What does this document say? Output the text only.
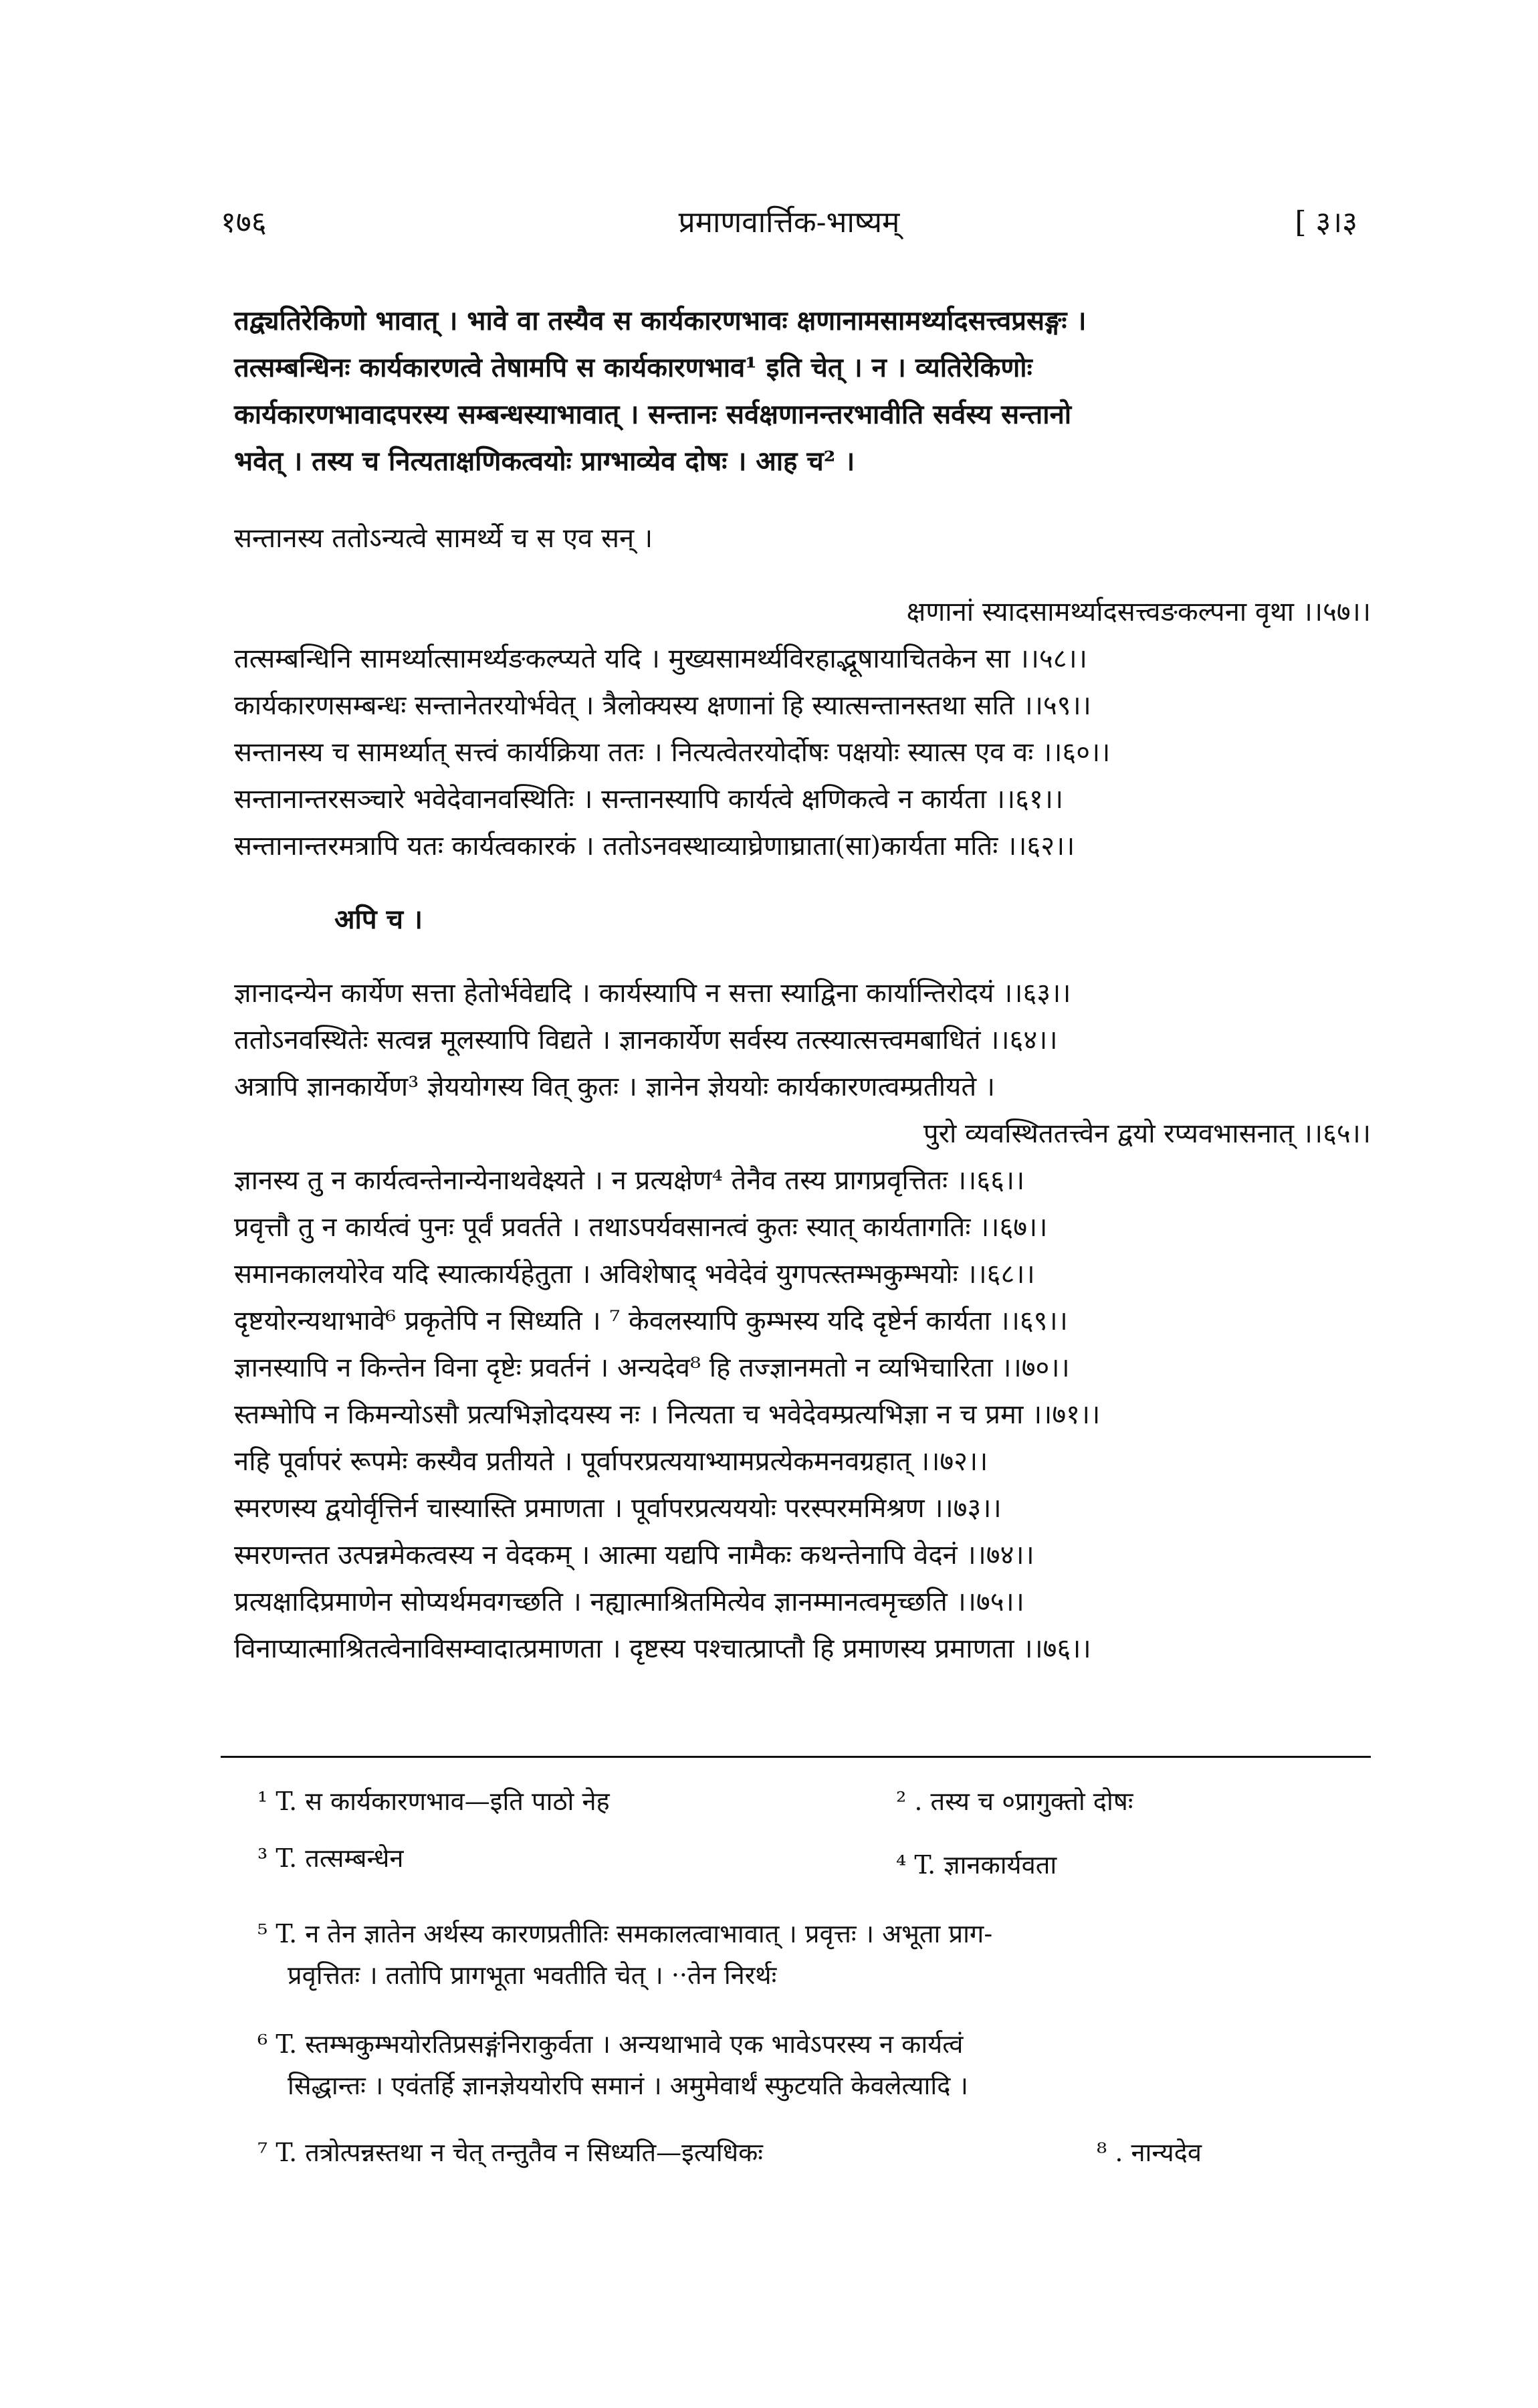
१७६	प्रमाणवार्त्तिक-भाष्यम्	[ ३।३

तद्व्यतिरेकिणो भावात् । भावे वा तस्यैव स कार्यकारणभावः क्षणानामसामर्थ्यादसत्त्वप्रसङ्गः ।

तत्सम्बन्धिनः कार्यकारणत्वे तेषामपि स कार्यकारणभाव¹ इति चेत् । न । व्यतिरेकिणोः

कार्यकारणभावादपरस्य सम्बन्धस्याभावात् । सन्तानः सर्वक्षणानन्तरभावीति सर्वस्य सन्तानो

भवेत् । तस्य च नित्यताक्षणिकत्वयोः प्राग्भाव्येव दोषः । आह च² ।

सन्तानस्य ततोऽन्यत्वे सामर्थ्ये च स एव सन् ।
क्षणानां स्यादसामर्थ्यादसत्त्वङकल्पना वृथा ।।५७।।
तत्सम्बन्धिनि सामर्थ्यात्सामर्थ्यङकल्प्यते यदि । मुख्यसामर्थ्यविरहाद्भूषायाचितकेन सा ।।५८।।
कार्यकारणसम्बन्धः सन्तानेतरयोर्भवेत् । त्रैलोक्यस्य क्षणानां हि स्यात्सन्तानस्तथा सति ।।५९।।
सन्तानस्य च सामर्थ्यात् सत्त्वं कार्यक्रिया ततः । नित्यत्वेतरयोर्दोषः पक्षयोः स्यात्स एव वः ।।६०।।
सन्तानान्तरसञ्चारे भवेदेवानवस्थितिः । सन्तानस्यापि कार्यत्वे क्षणिकत्वे न कार्यता ।।६१।।
सन्तानान्तरमत्रापि यतः कार्यत्वकारकं । ततोऽनवस्थाव्याघ्रेणाघ्राता(सा)कार्यता मतिः ।।६२।।
अपि च ।
ज्ञानादन्येन कार्येण सत्ता हेतोर्भवेद्यदि । कार्यस्यापि न सत्ता स्याद्विना कार्यान्तिरोदयं ।।६३।।
ततोऽनवस्थितेः सत्वन्न मूलस्यापि विद्यते । ज्ञानकार्येण सर्वस्य तत्स्यात्सत्त्वमबाधितं ।।६४।।
अत्रापि ज्ञानकार्येण³ ज्ञेययोगस्य वित् कुतः । ज्ञानेन ज्ञेययोः कार्यकारणत्वम्प्रतीयते ।
पुरो व्यवस्थिततत्त्वेन द्वयो रप्यवभासनात् ।।६५।।
ज्ञानस्य तु न कार्यत्वन्तेनान्येनाथवेक्ष्यते । न प्रत्यक्षेण⁴ तेनैव तस्य प्रागप्रवृत्तितः ।।६६।।
प्रवृत्तौ तु न कार्यत्वं पुनः पूर्वं प्रवर्तते । तथाऽपर्यवसानत्वं कुतः स्यात् कार्यतागतिः ।।६७।।
समानकालयोरेव यदि स्यात्कार्यहेतुता । अविशेषाद् भवेदेवं युगपत्स्तम्भकुम्भयोः ।।६८।।
दृष्टयोरन्यथाभावे⁶ प्रकृतेपि न सिध्यति । ⁷ केवलस्यापि कुम्भस्य यदि दृष्टेर्न कार्यता ।।६९।।
ज्ञानस्यापि न किन्तेन विना दृष्टेः प्रवर्तनं । अन्यदेव⁸ हि तज्ज्ञानमतो न व्यभिचारिता ।।७०।।
स्तम्भोपि न किमन्योऽसौ प्रत्यभिज्ञोदयस्य नः । नित्यता च भवेदेवम्प्रत्यभिज्ञा न च प्रमा ।।७१।।
नहि पूर्वापरं रूपमेः कस्यैव प्रतीयते । पूर्वापरप्रत्ययाभ्यामप्रत्येकमनवग्रहात् ।।७२।।
स्मरणस्य द्वयोर्वृत्तिर्न चास्यास्ति प्रमाणता । पूर्वापरप्रत्यययोः परस्परममिश्रण ।।७३।।
स्मरणन्तत उत्पन्नमेकत्वस्य न वेदकम् । आत्मा यद्यपि नामैकः कथन्तेनापि वेदनं ।।७४।।
प्रत्यक्षादिप्रमाणेन सोप्यर्थमवगच्छति । नह्यात्माश्रितमित्येव ज्ञानम्मानत्वमृच्छति ।।७५।।
विनाप्यात्माश्रितत्वेनाविसम्वादात्प्रमाणता । दृष्टस्य पश्चात्प्राप्तौ हि प्रमाणस्य प्रमाणता ।।७६।।
¹ T. स कार्यकारणभाव—इति पाठो नेह	² . तस्य च ०प्रागुक्तो दोषः
³ T. तत्सम्बन्धेन	⁴ T. ज्ञानकार्यवता

⁵ T. न तेन ज्ञातेन अर्थस्य कारणप्रतीतिः समकालत्वाभावात् । प्रवृत्तः । अभूता प्राग-

प्रवृत्तितः । ततोपि प्रागभूता भवतीति चेत् । ··तेन निरर्थः

⁶ T. स्तम्भकुम्भयोरतिप्रसङ्गंनिराकुर्वता । अन्यथाभावे एक भावेऽपरस्य न कार्यत्वं

सिद्धान्तः । एवंतर्हि ज्ञानज्ञेययोरपि समानं । अमुमेवार्थं स्फुटयति केवलेत्यादि ।

⁷ T. तत्रोत्पन्नस्तथा न चेत् तन्तुतैव न सिध्यति—इत्यधिकः	⁸ . नान्यदेव
